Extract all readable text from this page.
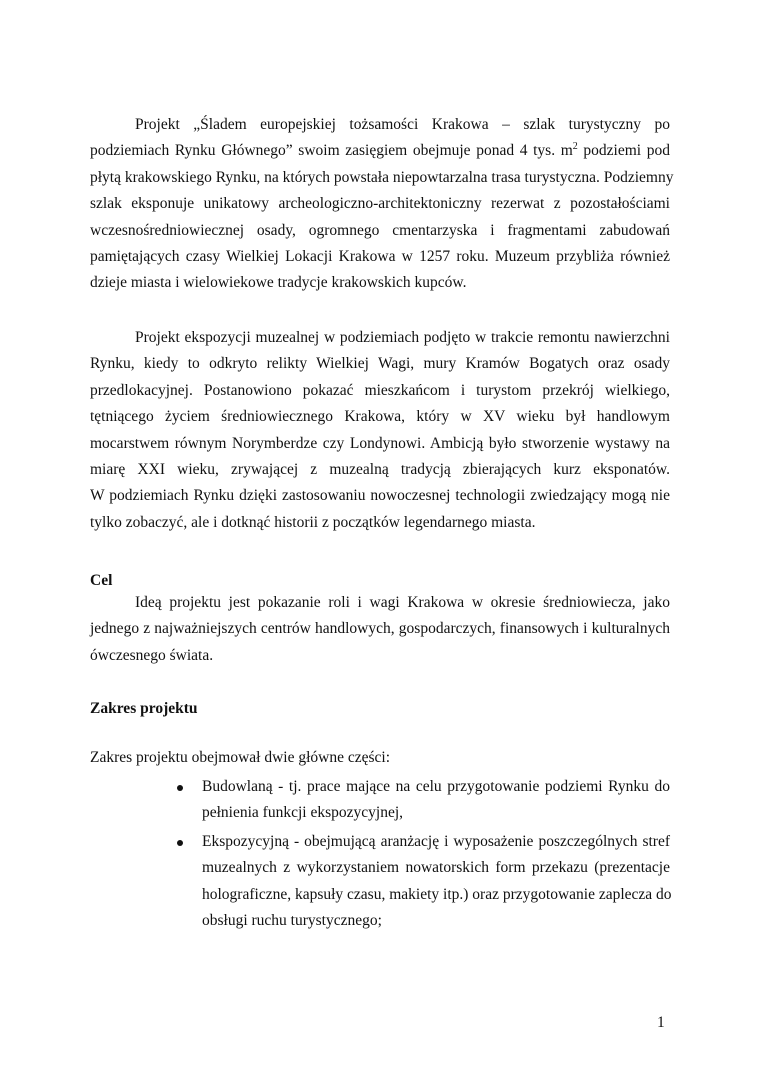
Projekt „Śladem europejskiej tożsamości Krakowa – szlak turystyczny po
podziemiach Rynku Głównego” swoim zasięgiem obejmuje ponad 4 tys. $m^2$ podziemi pod
płytą krakowskiego Rynku, na których powstała niepowtarzalna trasa turystyczna. Podziemny
szlak eksponuje unikatowy archeologiczno-architektoniczny rezerwat z pozostałościami
wczesnośredniowiecznej osady, ogromnego cmentarzyska i fragmentami zabudowań
pamiętających czasy Wielkiej Lokacji Krakowa w 1257 roku. Muzeum przybliża również
dzieje miasta i wielowiekowe tradycje krakowskich kupców.
Projekt ekspozycji muzealnej w podziemiach podjęto w trakcie remontu nawierzchni
Rynku, kiedy to odkryto relikty Wielkiej Wagi, mury Kramów Bogatych oraz osady
przedlokacyjnej. Postanowiono pokazać mieszkańcom i turystom przekrój wielkiego,
tętniącego życiem średniowiecznego Krakowa, który w XV wieku był handlowym
mocarstwem równym Norymberdze czy Londynowi. Ambicją było stworzenie wystawy na
miarę XXI wieku, zrywającej z muzealną tradycją zbierających kurz eksponatów.
W podziemiach Rynku dzięki zastosowaniu nowoczesnej technologii zwiedzający mogą nie
tylko zobaczyć, ale i dotknąć historii z początków legendarnego miasta.

Cel

Ideą projektu jest pokazanie roli i wagi Krakowa w okresie średniowiecza, jako
jednego z najważniejszych centrów handlowych, gospodarczych, finansowych i kulturalnych
ówczesnego świata.

Zakres projektu

Zakres projektu obejmował dwie główne części:

Budowlaną - tj. prace mające na celu przygotowanie podziemi Rynku do
pełnienia funkcji ekspozycyjnej,
Ekspozycyjną - obejmującą aranżację i wyposażenie poszczególnych stref
muzealnych z wykorzystaniem nowatorskich form przekazu (prezentacje
holograficzne, kapsuły czasu, makiety itp.) oraz przygotowanie zaplecza do
obsługi ruchu turystycznego;
1
